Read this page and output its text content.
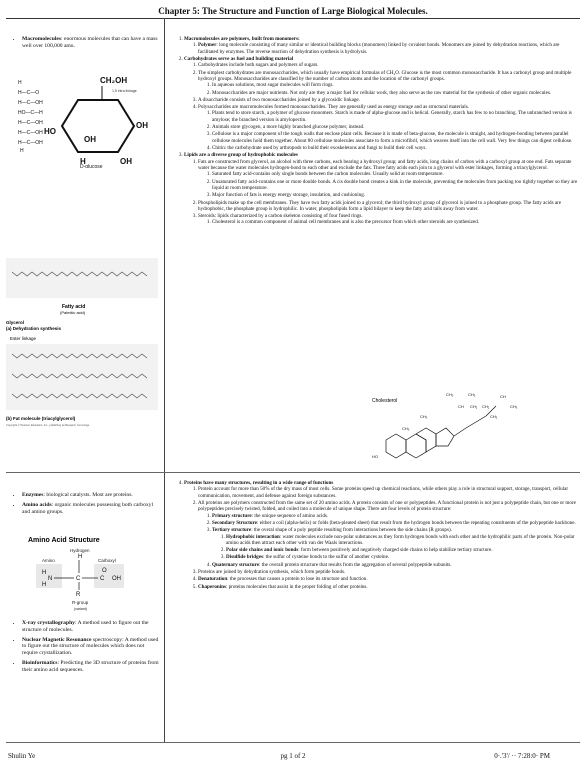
Chapter 5: The Structure and Function of Large Biological Molecules.
• Macromolecules: enormous molecules that can have a mass well over 100,000 amu.
H
H—C—O
H—C—OH
HO—C—H
H—C—OH
H—C—OH
H—C—OH
H
CH₂OH
OH
OH
HO
OH
H
D-glucose
1,5 intra linkage
Fatty acid
(Palmitic acid)
Glycerol
(a) Dehydration synthesis
Ester linkage
(b) Fat molecule (triacylglycerol)
Copyright © Pearson Education, Inc., publishing as Benjamin Cummings.
• Enzymes: biological catalysts. Most are proteins.
• Amino acids: organic molecules possessing both carboxyl and amino groups.
Amino Acid Structure
Hydrogen
Amino	Carboxyl
R-group
(variant)
H
C
H
N
H
O
C OH
R
• X-ray crystallography: A method used to figure out the structure of molecules.
• Nuclear Magnetic Resonance spectroscopy: A method used to figure out the structure of molecules which does not require crystallization.
• Bioinformatics: Predicting the 3D structure of proteins from their amino acid sequences.
1. Macromolecules are polymers, built from monomers:
1. Polymer: long molecule consisting of many similar or identical building blocks (monomers) linked by covalent bonds. Monomers are joined by dehydration reactions, which are facilitated by enzymes. The reverse reaction of dehydration synthesis is hydrolysis.
2. Carbohydrates serve as fuel and building material
1. Carbohydrates include both sugars and polymers of sugars.
2. The simplest carbohydrates are monosaccharides, which usually have empirical formulas of CH₂O. Glucose is the most common monosaccharide. It has a carbonyl group and multiple hydroxyl groups. Monosaccharides are classified by the number of carbon atoms and the location of the carbonyl groups.
1. In aqueous solutions, most sugar molecules will form rings.
2. Monosaccharides are major nutrients. Not only are they a major fuel for cellular work, they also serve as the raw material for the synthesis of other organic molecules.
3. A disaccharide consists of two monosaccharides joined by a glycosidic linkage.
4. Polysaccharides are macromolecules formed monosaccharides. They are generally used as energy storage and as structural materials.
1. Plants tend to store starch, a polymer of glucose monomers. Starch is made of alpha-glucose and is helical. Generally, starch has few to no branching. The unbranched version is amylose; the branched version is amylopectin.
2. Animals store glycogen, a more highly branched glucose polymer, instead.
3. Cellulose is a major component of the tough walls that enclose plant cells. Because it is made of beta-glucose, the molecule is straight, and hydrogen-bonding between parallel cellulose molecules hold them together. About 80 cellulose molecules associate to form a microfibril, which weaves itself into the cell wall. Very few things can digest cellulose.
4. Chitin: the carbohydrate used by arthropods to build their exoskeletons and fungi to build their cell ways.
3. Lipids are a diverse group of hydrophobic molecules
1. Fats are constructed from glycerol, an alcohol with three carbons, each bearing a hydroxyl group; and fatty acids, long chains of carbon with a carboxyl group at one end. Fats separate water because the water molecules hydrogen-bond to each other and exclude the fats. Three fatty acids each join to a glycerol with ester linkages, forming a triacylglycerol.
1. Saturated fatty acid-contains only single bonds between the carbon molecules. Usually solid at room temperature.
2. Unsaturated fatty acid-contains one or more double bonds. A cis double bond creates a kink in the molecule, preventing the molecules from packing too tightly together so they are liquid at room temperature.
3. Major function of fats is energy energy storage, insulation, and cushioning.
2. Phospholipids make up the cell membranes. They have two fatty acids joined to a glycerol; the third hydroxyl group of glycerol is joined to a phosphate group. The fatty acids are hydrophobic, the phosphate group is hydrophilic. In water, phospholipids form a lipid bilayer to keep the fatty acid tails away from water.
3. Steroids: lipids characterized by a carbon skeleton consisting of four fused rings.
1. Cholesterol is a common component of animal cell membranes and is also the precursor from which other steroids are synthesized.
Cholesterol
CH₃	CH₃
CH CH₂ CH₂
CH₂
CH
CH₃
CH₃
CH₃
HO
4. Proteins have many structures, resulting in a wide range of functions
1. Protein account for more than 50% of the dry mass of most cells. Some proteins speed up chemical reactions, while others play a role in structural support, storage, transport, cellular communication, movement, and defense against foreign substances.
2. All proteins are polymers constructed from the same set of 20 amino acids. A protein consists of one or polypeptides. A functional protein is not just a polypeptide chain, but one or more polypeptides precisely twisted, folded, and coiled into a molecule of unique shape. There are four levels of protein structure:
1. Primary structure: the unique sequence of amino acids.
2. Secondary Structure: either a coil (alpha-helix) or folds (beta-pleated sheet) that result from the hydrogen bonds between the repeating constituents of the polypeptide backbone.
3. Tertiary structure: the overal shape of a poly peptide resulting from interactions between the side chains (R groups).
1. Hydrophobic interaction: water molecules exclude non-polar substances as they form hydrogen bonds with each other and the hydrophilic parts of the protein. Non-polar amino acids then attract each other with van der Waals interactions.
2. Polar side chains and ionic bonds: form between positively and negatively charged side chains to help stabilize tertiary structure.
3. Disulfide bridges: the sulfur of cysteine bonds to the sulfur of another cysteine.
4. Quaternary structure: the overall protein structure that results from the aggregation of several polypeptide subunits.
3. Proteins are joined by dehydration synthesis, which form peptide bonds.
4. Denaturation: the processes that causes a protein to lose its structure and function.
5. Chaperonins: proteins molecules that assist in the proper folding of other proteins.
Shulin Ye	pg 1 of 2	0·.'3'/ ·· 7:28:0· PM
